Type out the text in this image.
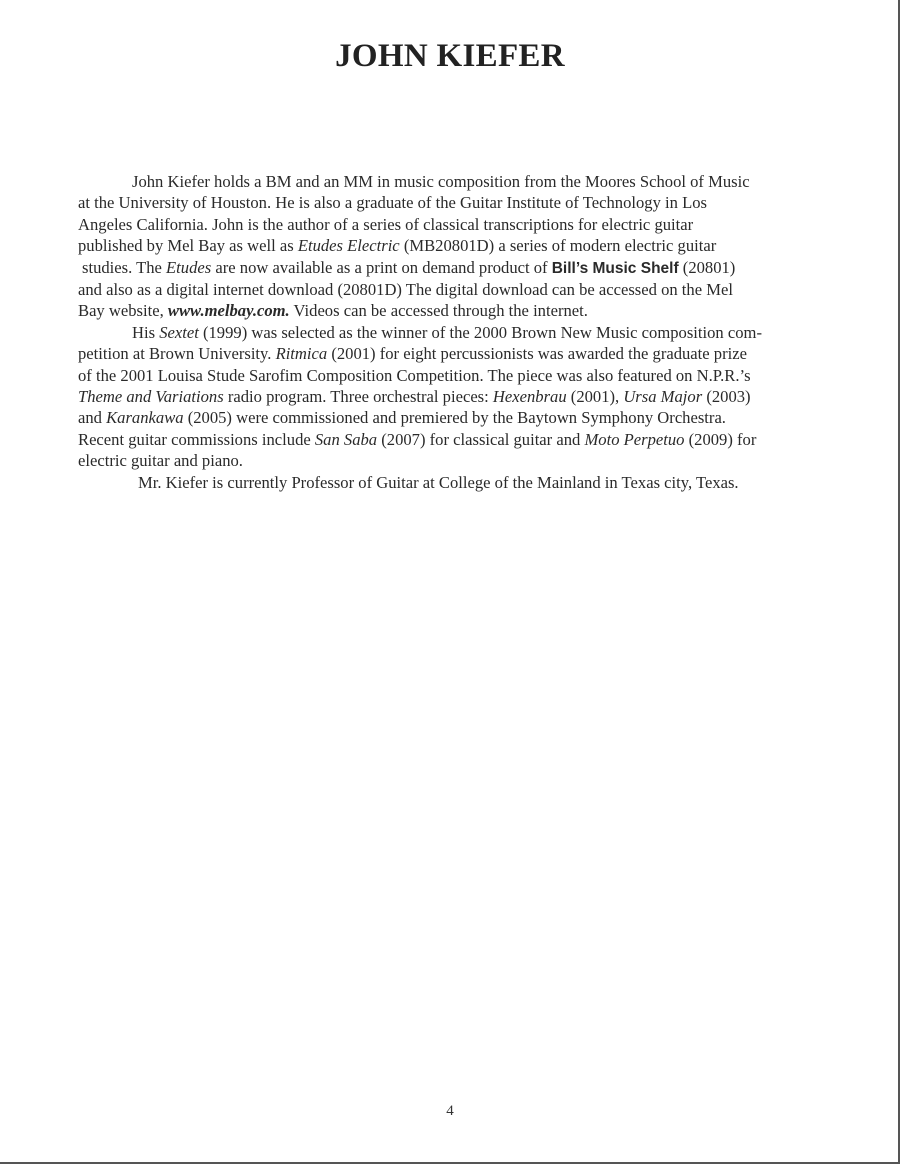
JOHN KIEFER
John Kiefer holds a BM and an MM in music composition from the Moores School of Music
at the University of Houston. He is also a graduate of the Guitar Institute of Technology in Los
Angeles California. John is the author of a series of classical transcriptions for electric guitar
published by Mel Bay as well as Etudes Electric (MB20801D) a series of modern electric guitar
studies. The Etudes are now available as a print on demand product of Bill’s Music Shelf (20801)
and also as a digital internet download (20801D) The digital download can be accessed on the Mel
Bay website, www.melbay.com. Videos can be accessed through the internet.
His Sextet (1999) was selected as the winner of the 2000 Brown New Music composition com-
petition at Brown University. Ritmica (2001) for eight percussionists was awarded the graduate prize
of the 2001 Louisa Stude Sarofim Composition Competition. The piece was also featured on N.P.R.’s
Theme and Variations radio program. Three orchestral pieces: Hexenbrau (2001), Ursa Major (2003)
and Karankawa (2005) were commissioned and premiered by the Baytown Symphony Orchestra.
Recent guitar commissions include San Saba (2007) for classical guitar and Moto Perpetuo (2009) for
electric guitar and piano.
Mr. Kiefer is currently Professor of Guitar at College of the Mainland in Texas city, Texas.
4
